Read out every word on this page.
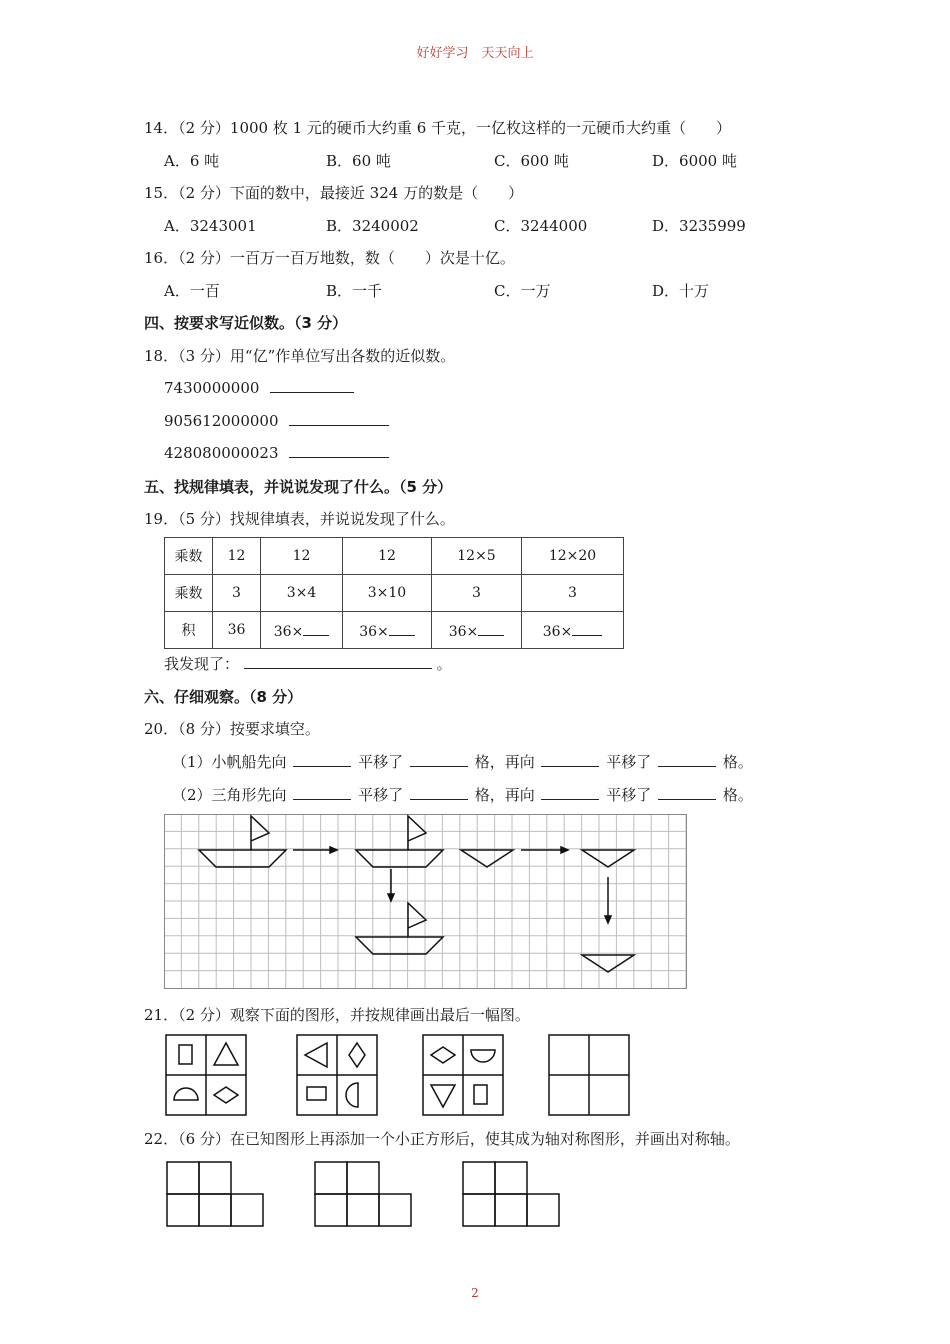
好好学习　天天向上
14．（2 分）1000 枚 1 元的硬币大约重 6 千克，一亿枚这样的一元硬币大约重（　　）
A．6 吨	B．60 吨	C．600 吨	D．6000 吨
15．（2 分）下面的数中，最接近 324 万的数是（　　）
A．3243001	B．3240002	C．3244000	D．3235999
16．（2 分）一百万一百万地数，数（　　）次是十亿。
A．一百	B．一千	C．一万	D．十万
四、按要求写近似数。（3 分）
18．（3 分）用“亿”作单位写出各数的近似数。
7430000000
905612000000
428080000023
五、找规律填表，并说说发现了什么。（5 分）
19．（5 分）找规律填表，并说说发现了什么。
乘数	12	12	12	12×5	12×20
乘数	3	3×4	3×10	3	3
积	36	36×	36×	36×	36×
我发现了：	。
六、仔细观察。（8 分）
20．（8 分）按要求填空。
（1）小帆船先向	平移了	格，再向	平移了	格。
（2）三角形先向	平移了	格，再向	平移了	格。
21．（2 分）观察下面的图形，并按规律画出最后一幅图。
22．（6 分）在已知图形上再添加一个小正方形后，使其成为轴对称图形，并画出对称轴。
2
